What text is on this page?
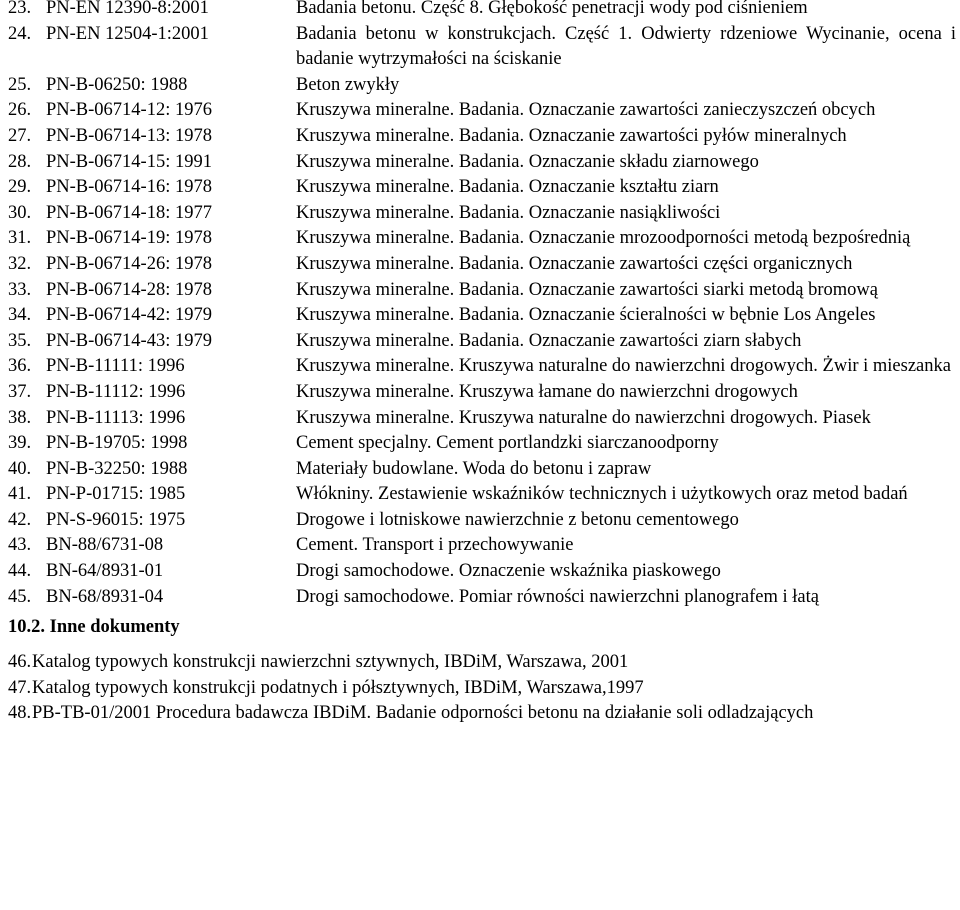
23. PN-EN 12390-8:2001	Badania betonu. Część 8. Głębokość penetracji wody pod ciśnieniem
24. PN-EN 12504-1:2001	Badania betonu w konstrukcjach. Część 1. Odwierty rdzeniowe Wycinanie, ocena i badanie wytrzymałości na ściskanie
25. PN-B-06250: 1988	Beton zwykły
26. PN-B-06714-12: 1976	Kruszywa mineralne. Badania. Oznaczanie zawartości zanieczyszczeń obcych
27. PN-B-06714-13: 1978	Kruszywa mineralne. Badania. Oznaczanie zawartości pyłów mineralnych
28. PN-B-06714-15: 1991	Kruszywa mineralne. Badania. Oznaczanie składu ziarnowego
29. PN-B-06714-16: 1978	Kruszywa mineralne. Badania. Oznaczanie kształtu ziarn
30. PN-B-06714-18: 1977	Kruszywa mineralne. Badania. Oznaczanie nasiąkliwości
31. PN-B-06714-19: 1978	Kruszywa mineralne. Badania. Oznaczanie mrozoodporności metodą bezpośrednią
32. PN-B-06714-26: 1978	Kruszywa mineralne. Badania. Oznaczanie zawartości części organicznych
33. PN-B-06714-28: 1978	Kruszywa mineralne. Badania. Oznaczanie zawartości siarki metodą bromową
34. PN-B-06714-42: 1979	Kruszywa mineralne. Badania. Oznaczanie ścieralności w bębnie Los Angeles
35. PN-B-06714-43: 1979	Kruszywa mineralne. Badania. Oznaczanie zawartości ziarn słabych
36. PN-B-11111: 1996	Kruszywa mineralne. Kruszywa naturalne do nawierzchni drogowych. Żwir i mieszanka
37. PN-B-11112: 1996	Kruszywa mineralne. Kruszywa łamane do nawierzchni drogowych
38. PN-B-11113: 1996	Kruszywa mineralne. Kruszywa naturalne do nawierzchni drogowych. Piasek
39. PN-B-19705: 1998	Cement specjalny. Cement portlandzki siarczanoodporny
40. PN-B-32250: 1988	Materiały budowlane. Woda do betonu i zapraw
41. PN-P-01715: 1985	Włókniny. Zestawienie wskaźników technicznych i użytkowych oraz metod badań
42. PN-S-96015: 1975	Drogowe i lotniskowe nawierzchnie z betonu cementowego
43. BN-88/6731-08	Cement. Transport i przechowywanie
44. BN-64/8931-01	Drogi samochodowe. Oznaczenie wskaźnika piaskowego
45. BN-68/8931-04	Drogi samochodowe. Pomiar równości nawierzchni planografem i łatą
10.2. Inne dokumenty
46. Katalog typowych konstrukcji nawierzchni sztywnych, IBDiM, Warszawa, 2001
47. Katalog typowych konstrukcji podatnych i półsztywnych, IBDiM, Warszawa,1997
48. PB-TB-01/2001 Procedura badawcza IBDiM. Badanie odporności betonu na działanie soli odladzających
